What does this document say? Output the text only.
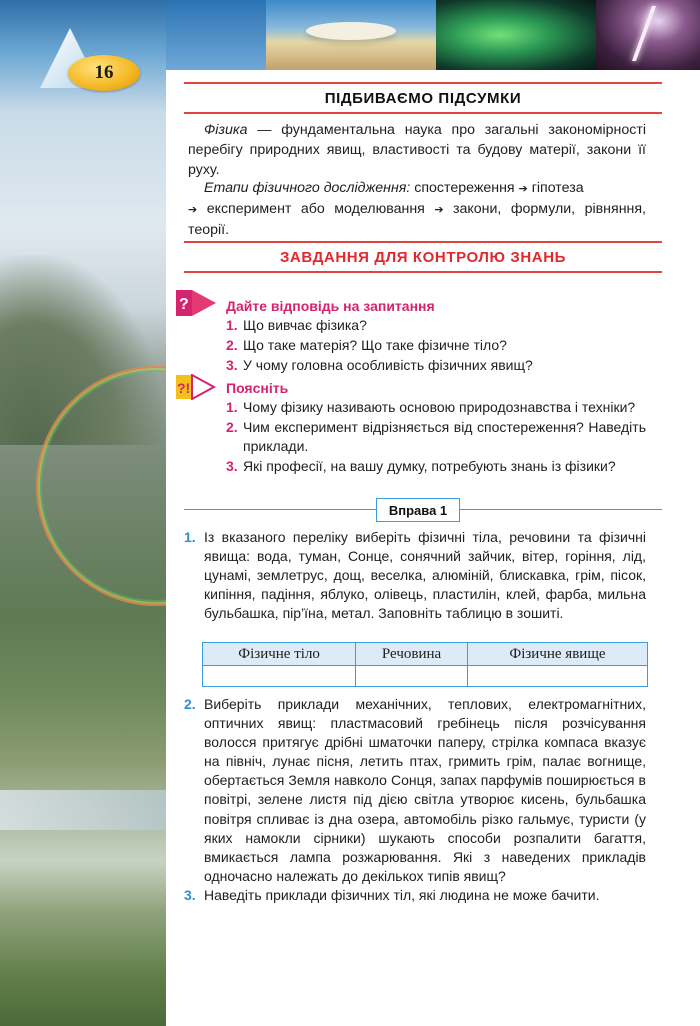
16
ПІДБИВАЄМО ПІДСУМКИ

Фізика — фундаментальна наука про загальні закономірності перебігу природних явищ, властивості та будову матерії, закони її руху.

Етапи фізичного дослідження: спостереження ➔ гіпотеза
➔ експеримент або моделювання ➔ закони, формули, рівняння, теорії.

ЗАВДАННЯ ДЛЯ КОНТРОЛЮ ЗНАНЬ
?	Дайте відповідь на запитання
1. Що вивчає фізика?
2. Що таке матерія? Що таке фізичне тіло?
3. У чому головна особливість фізичних явищ?
?!	Поясніть
1. Чому фізику називають основою природознавства і техніки?
2. Чим експеримент відрізняється від спостереження? Наведіть приклади.
3. Які професії, на вашу думку, потребують знань із фізики?
Вправа 1
1. Із вказаного переліку виберіть фізичні тіла, речовини та фізичні явища: вода, туман, Сонце, сонячний зайчик, вітер, горіння, лід, цунамі, землетрус, дощ, веселка, алюміній, блискавка, грім, пісок, кипіння, падіння, яблуко, олівець, пластилін, клей, фарба, мильна бульбашка, пір’їна, метал. Заповніть таблицю в зошиті.
Фізичне тіло	Речовина	Фізичне явище

2. Виберіть приклади механічних, теплових, електромагнітних, оптичних явищ: пластмасовий гребінець після розчісування волосся притягує дрібні шматочки паперу, стрілка компаса вказує на північ, лунає пісня, летить птах, гримить грім, палає вогнище, обертається Земля навколо Сонця, запах парфумів поширюється в повітрі, зелене листя під дією світла утворює кисень, бульбашка повітря спливає із дна озера, автомобіль різко гальмує, туристи (у яких намокли сірники) шукають способи розпалити багаття, вмикається лампа розжарювання. Які з наведених прикладів одночасно належать до декількох типів явищ?
3. Наведіть приклади фізичних тіл, які людина не може бачити.
